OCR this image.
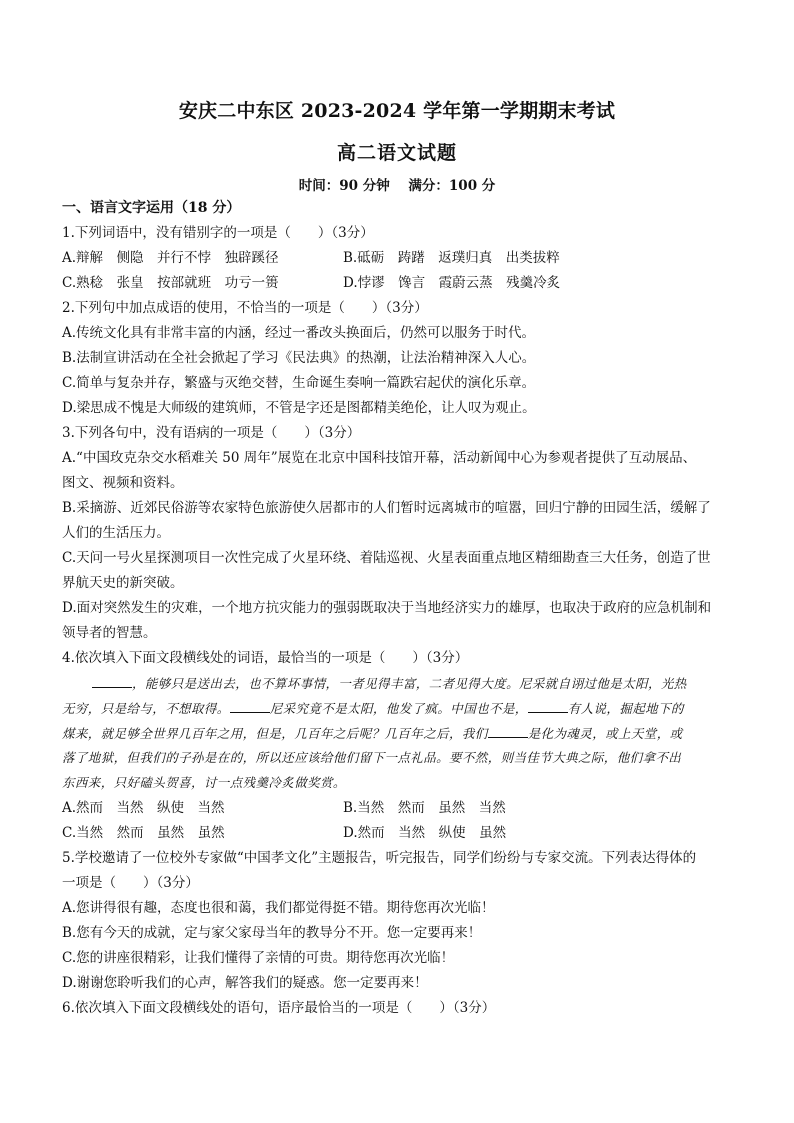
安庆二中东区 2023-2024 学年第一学期期末考试
高二语文试题
时间：90 分钟 满分：100 分
一、语言文字运用（18 分）
1.下列词语中，没有错别字的一项是（　　）（3分）
A.辩解　侧隐　并行不悖　独辟蹊径	B.砥砺　踌躇　返璞归真　出类拔粹
C.熟稔　张皇　按部就班　功亏一篑	D.悖谬　馋言　霞蔚云蒸　残羹冷炙
2.下列句中加点成语的使用，不恰当的一项是（　　）（3分）
A.传统文化具有非常丰富的内涵，经过一番改头换面后，仍然可以服务于时代。
B.法制宣讲活动在全社会掀起了学习《民法典》的热潮，让法治精神深入人心。
C.简单与复杂并存，繁盛与灭绝交替，生命诞生奏响一篇跌宕起伏的演化乐章。
D.梁思成不愧是大师级的建筑师，不管是字还是图都精美绝伦，让人叹为观止。
3.下列各句中，没有语病的一项是（　　）（3分）
A.“中国玫克杂交水稻难关 50 周年”展览在北京中国科技馆开幕，活动新闻中心为参观者提供了互动展品、
图文、视频和资料。
B.采摘游、近郊民俗游等农家特色旅游使久居都市的人们暂时远离城市的喧嚣，回归宁静的田园生活，缓解了
人们的生活压力。
C.天问一号火星探测项目一次性完成了火星环绕、着陆巡视、火星表面重点地区精细勘查三大任务，创造了世
界航天史的新突破。
D.面对突然发生的灾难，一个地方抗灾能力的强弱既取决于当地经济实力的雄厚，也取决于政府的应急机制和
领导者的智慧。
4.依次填入下面文段横线处的词语，最恰当的一项是（　　）（3分）
，能够只是送出去，也不算坏事情，一者见得丰富，二者见得大度。尼采就自诩过他是太阳，光热
无穷，只是给与，不想取得。	尼采究竟不是太阳，他发了疯。中国也不是，	有人说，掘起地下的
煤来，就足够全世界几百年之用，但是，几百年之后呢？几百年之后，我们	是化为魂灵，或上天堂，或
落了地狱，但我们的子孙是在的，所以还应该给他们留下一点礼品。要不然，则当佳节大典之际，他们拿不出
东西来，只好磕头贺喜，讨一点残羹冷炙做奖赏。
A.然而　当然　纵使　当然	B.当然　然而　虽然　当然
C.当然　然而　虽然　虽然	D.然而　当然　纵使　虽然
5.学校邀请了一位校外专家做“中国孝文化”主题报告，听完报告，同学们纷纷与专家交流。下列表达得体的
一项是（　　）（3分）
A.您讲得很有趣，态度也很和蔼，我们都觉得挺不错。期待您再次光临！
B.您有今天的成就，定与家父家母当年的教导分不开。您一定要再来！
C.您的讲座很精彩，让我们懂得了亲情的可贵。期待您再次光临！
D.谢谢您聆听我们的心声，解答我们的疑惑。您一定要再来！
6.依次填入下面文段横线处的语句，语序最恰当的一项是（　　）（3分）
